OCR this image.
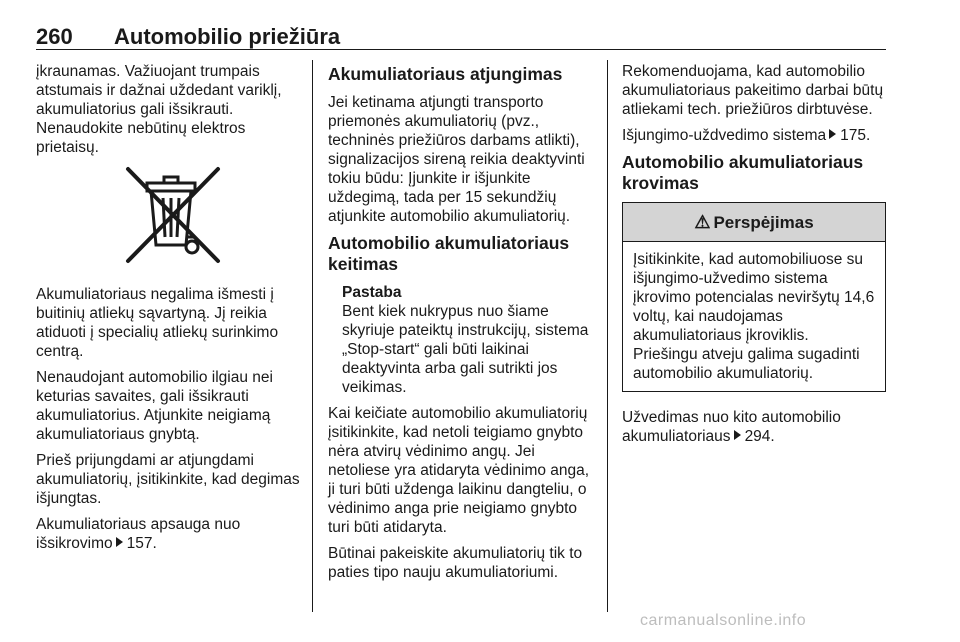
260 Automobilio priežiūra

įkraunamas. Važiuojant trumpais atstumais ir dažnai uždedant variklį, akumuliatorius gali išsikrauti. Nenaudokite nebūtinų elektros prietaisų.

Akumuliatoriaus negalima išmesti į buitinių atliekų sąvartyną. Jį reikia atiduoti į specialių atliekų surinkimo centrą.

Nenaudojant automobilio ilgiau nei keturias savaites, gali išsikrauti akumuliatorius. Atjunkite neigiamą akumuliatoriaus gnybtą.

Prieš prijungdami ar atjungdami akumuliatorių, įsitikinkite, kad degimas išjungtas.

Akumuliatoriaus apsauga nuo išsikrovimo 157.

Akumuliatoriaus atjungimas

Jei ketinama atjungti transporto priemonės akumuliatorių (pvz., techninės priežiūros darbams atlikti), signalizacijos sireną reikia deaktyvinti tokiu būdu: Įjunkite ir išjunkite uždegimą, tada per 15 sekundžių atjunkite automobilio akumuliatorių.

Automobilio akumuliatoriaus keitimas
Pastaba
Bent kiek nukrypus nuo šiame skyriuje pateiktų instrukcijų, sistema „Stop-start“ gali būti laikinai deaktyvinta arba gali sutrikti jos veikimas.

Kai keičiate automobilio akumuliatorių įsitikinkite, kad netoli teigiamo gnybto nėra atvirų vėdinimo angų. Jei netoliese yra atidaryta vėdinimo anga, ji turi būti uždenga laikinu dangteliu, o vėdinimo anga prie neigiamo gnybto turi būti atidaryta.

Būtinai pakeiskite akumuliatorių tik to paties tipo nauju akumuliatoriumi.

Rekomenduojama, kad automobilio akumuliatoriaus pakeitimo darbai būtų atliekami tech. priežiūros dirbtuvėse.

Išjungimo-uždvedimo sistema 175.

Automobilio akumuliatoriaus krovimas
⚠ Perspėjimas
Įsitikinkite, kad automobiliuose su išjungimo-užvedimo sistema įkrovimo potencialas neviršytų 14,6 voltų, kai naudojamas akumuliatoriaus įkroviklis.
Priešingu atveju galima sugadinti automobilio akumuliatorių.

Užvedimas nuo kito automobilio akumuliatoriaus 294.

carmanualsonline.info
